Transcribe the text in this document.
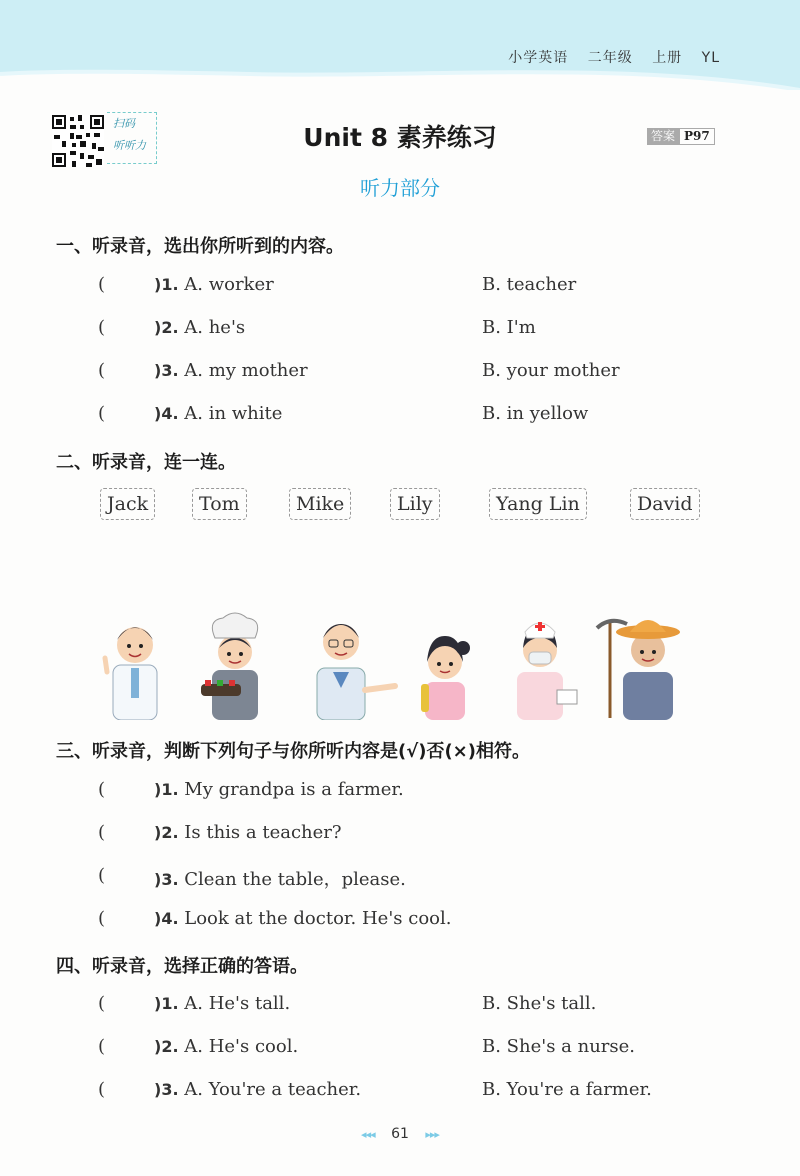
小学英语 二年级 上册 YL
扫码
听听力	Unit 8 素养练习	答案 P97
听力部分
一、听录音，选出你所听到的内容。
(	)1. A. worker	B. teacher
(	)2. A. he's	B. I'm
(	)3. A. my mother	B. your mother
(	)4. A. in white	B. in yellow
二、听录音，连一连。
Jack	Tom	Mike	Lily	Yang Lin	David
三、听录音，判断下列句子与你所听内容是(√)否(×)相符。
(	)1. My grandpa is a farmer.
(	)2. Is this a teacher?
(	)3. Clean the table，please.
(	)4. Look at the doctor. He's cool.
四、听录音，选择正确的答语。
(	)1. A. He's tall.	B. She's tall.
(	)2. A. He's cool.	B. She's a nurse.
(	)3. A. You're a teacher.	B. You're a farmer.
◂◂◂ 61 ▸▸▸
